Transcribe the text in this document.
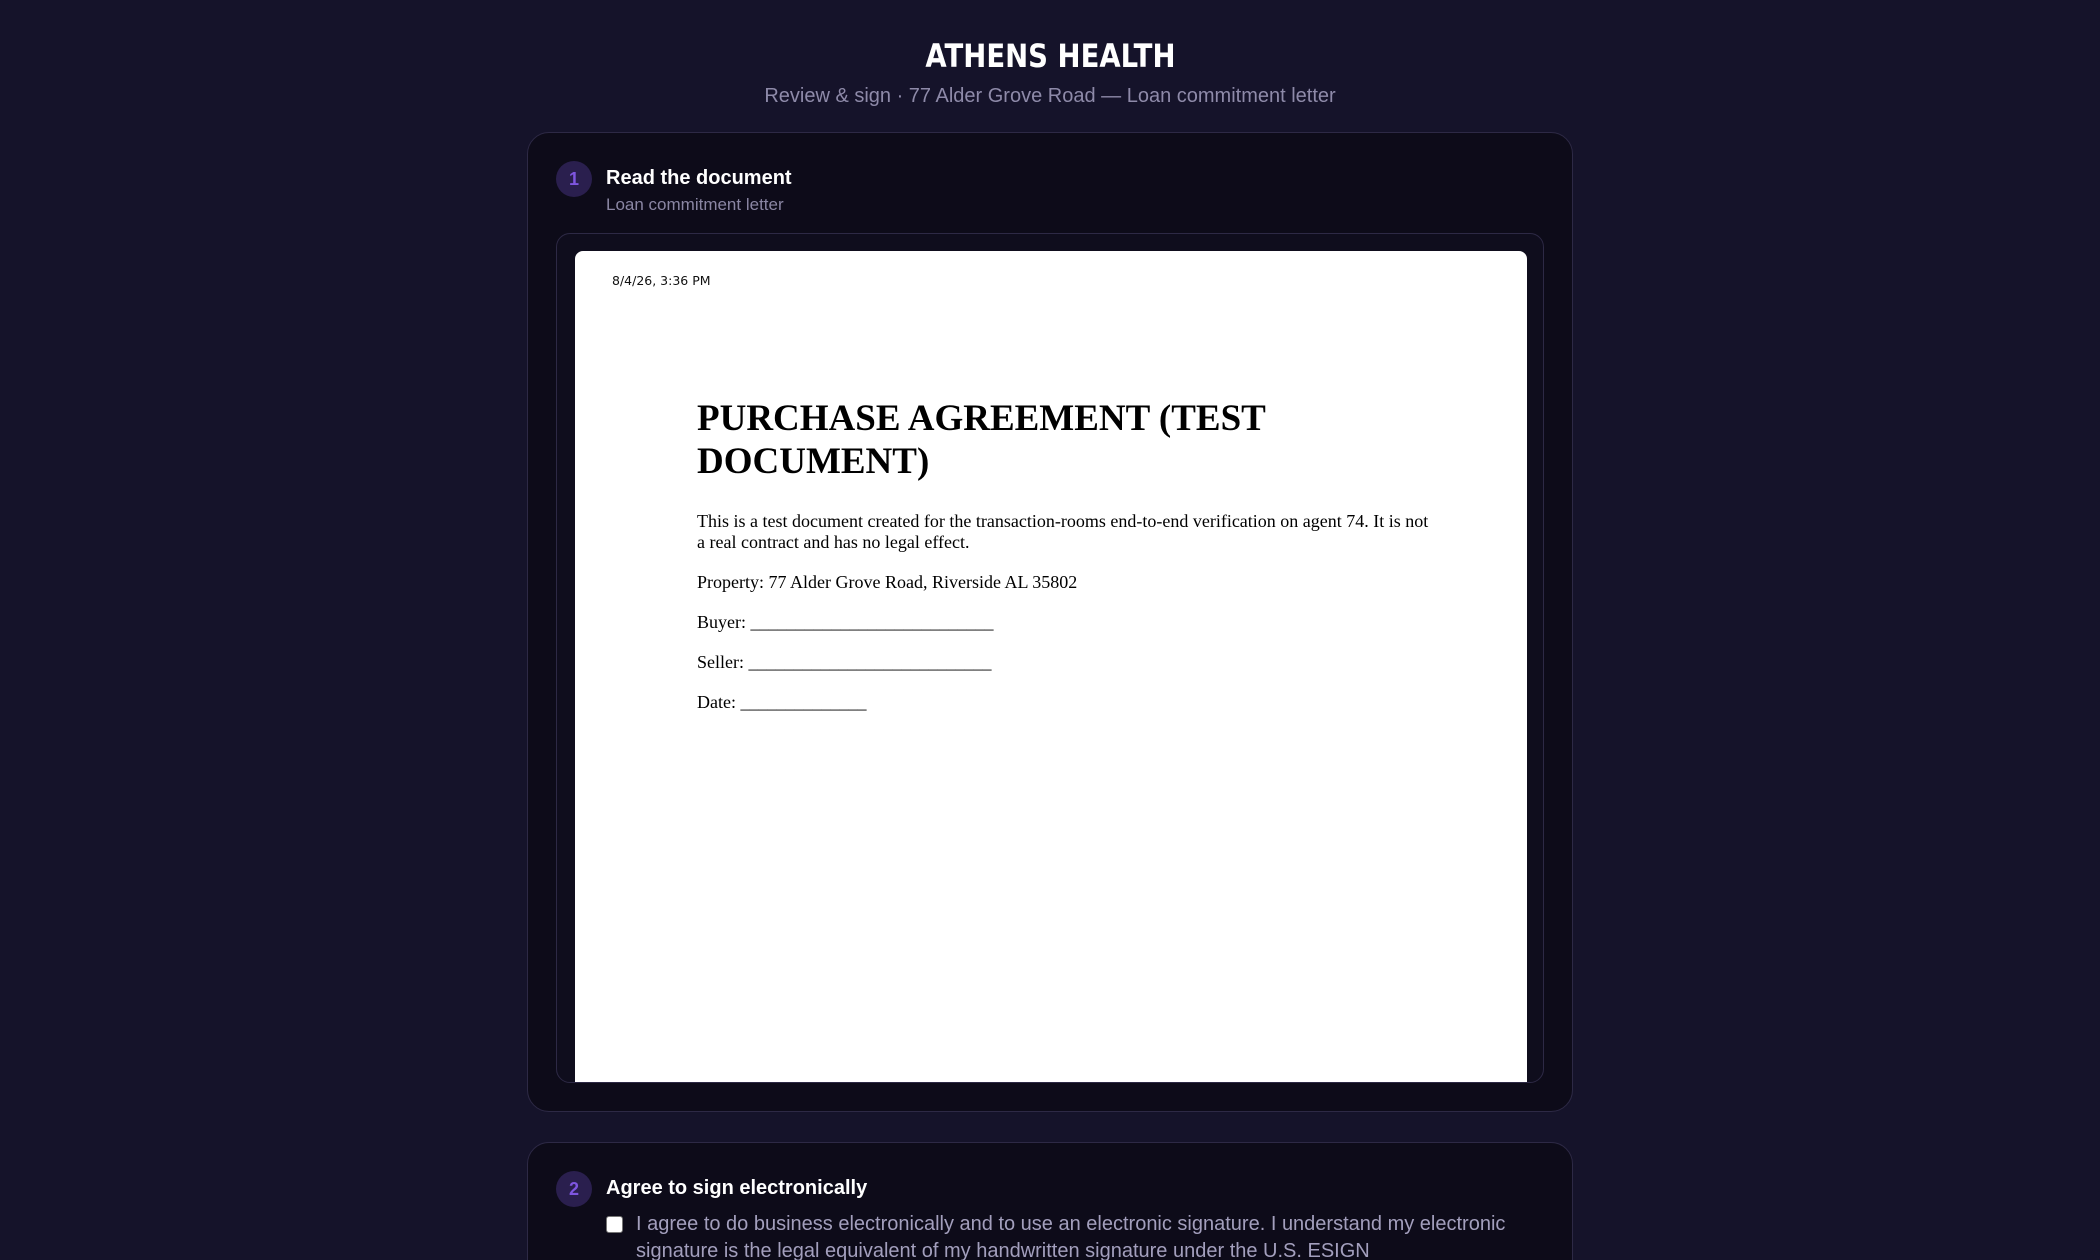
ATHENS HEALTH
Review & sign · 77 Alder Grove Road — Loan commitment letter
1	Read the document
Loan commitment letter
8/4/26, 3:36 PM
PURCHASE AGREEMENT (TEST DOCUMENT)
This is a test document created for the transaction-rooms end-to-end verification on agent 74. It is not a real contract and has no legal effect.
Property: 77 Alder Grove Road, Riverside AL 35802
Buyer: ___________________________
Seller: ___________________________
Date: ______________
2	Agree to sign electronically
I agree to do business electronically and to use an electronic signature. I understand my electronic signature is the legal equivalent of my handwritten signature under the U.S. ESIGN
